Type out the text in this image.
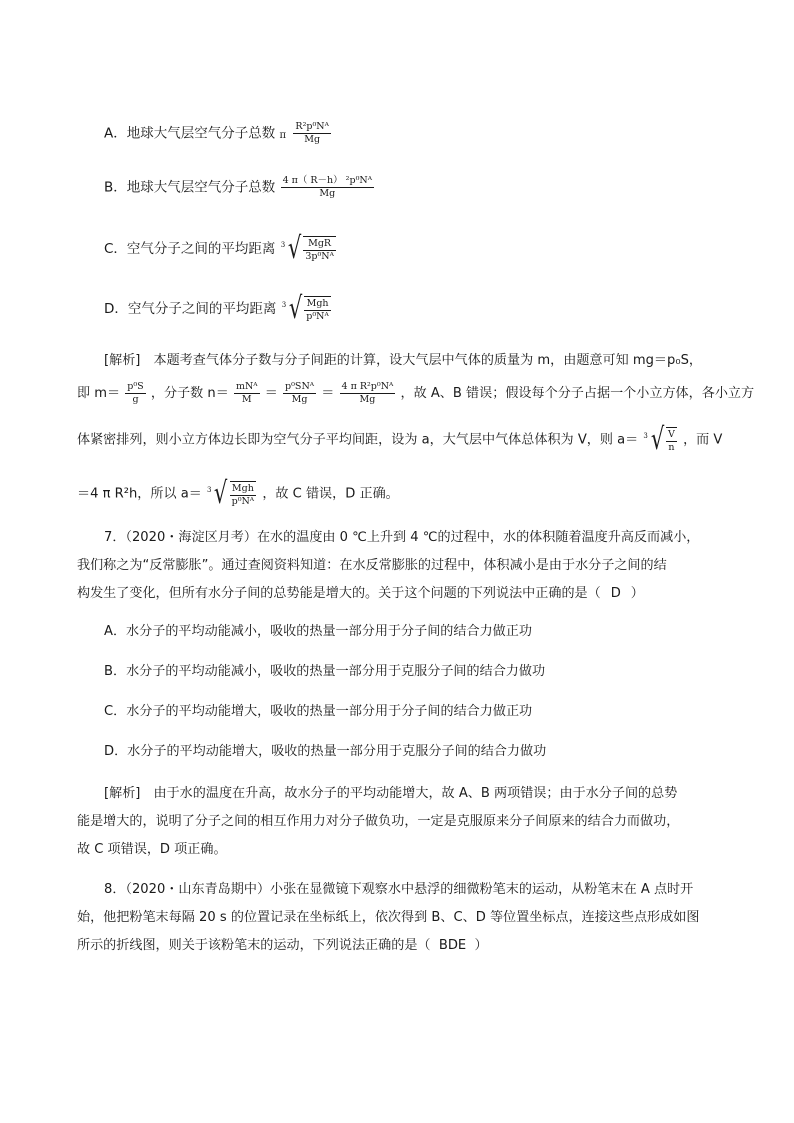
A．地球大气层空气分子总数 π $\frac{\text{R²p⁰Nᴬ}}{Mg}$
B．地球大气层空气分子总数 $\frac{\text{4 π（ R－h） ²p⁰Nᴬ}}{Mg}$
C．空气分子之间的平均距离 3 √ $\frac{\text{MgR}}{\text{3p⁰Nᴬ}}$
D．空气分子之间的平均距离 3 √ $\frac{\text{Mgh}}{\text{p⁰Nᴬ}}$
[解析]　本题考查气体分子数与分子间距的计算，设大气层中气体的质量为 m，由题意可知 mg＝p₀S，
即 $m= \frac{\text{p⁰S}}{g}$ ，分子数 $n= \frac{\text{mNᴬ}}{M} = \frac{\text{p⁰SNᴬ}}{Mg} = \frac{\text{4 π R²p⁰Nᴬ}}{Mg}$ ，故 A、B 错误；假设每个分子占据一个小立方体，各小立方
体紧密排列，则小立方体边长即为空气分子平均间距，设为 a，大气层中气体总体积为 V，则 a＝ 3 √ $\frac{V}{n}$ ，而 V
＝4 π R²h，所以 a＝ 3 √ $\frac{\text{Mgh}}{\text{p⁰Nᴬ}}$ ，故 C 错误，D 正确。
7．（2020・海淀区月考）在水的温度由 0 ℃上升到 4 ℃的过程中，水的体积随着温度升高反而减小，
我们称之为“反常膨胀”。通过查阅资料知道：在水反常膨胀的过程中，体积减小是由于水分子之间的结
构发生了变化，但所有水分子间的总势能是增大的。关于这个问题的下列说法中正确的是（ D ）
A．水分子的平均动能减小，吸收的热量一部分用于分子间的结合力做正功
B．水分子的平均动能减小，吸收的热量一部分用于克服分子间的结合力做功
C．水分子的平均动能增大，吸收的热量一部分用于分子间的结合力做正功
D．水分子的平均动能增大，吸收的热量一部分用于克服分子间的结合力做功
[解析]　由于水的温度在升高，故水分子的平均动能增大，故 A、B 两项错误；由于水分子间的总势
能是增大的，说明了分子之间的相互作用力对分子做负功，一定是克服原来分子间原来的结合力而做功，
故 C 项错误，D 项正确。
8．（2020・山东青岛期中）小张在显微镜下观察水中悬浮的细微粉笔末的运动，从粉笔末在 A 点时开
始，他把粉笔末每隔 20 s 的位置记录在坐标纸上，依次得到 B、C、D 等位置坐标点，连接这些点形成如图
所示的折线图，则关于该粉笔末的运动，下列说法正确的是（ BDE ）
